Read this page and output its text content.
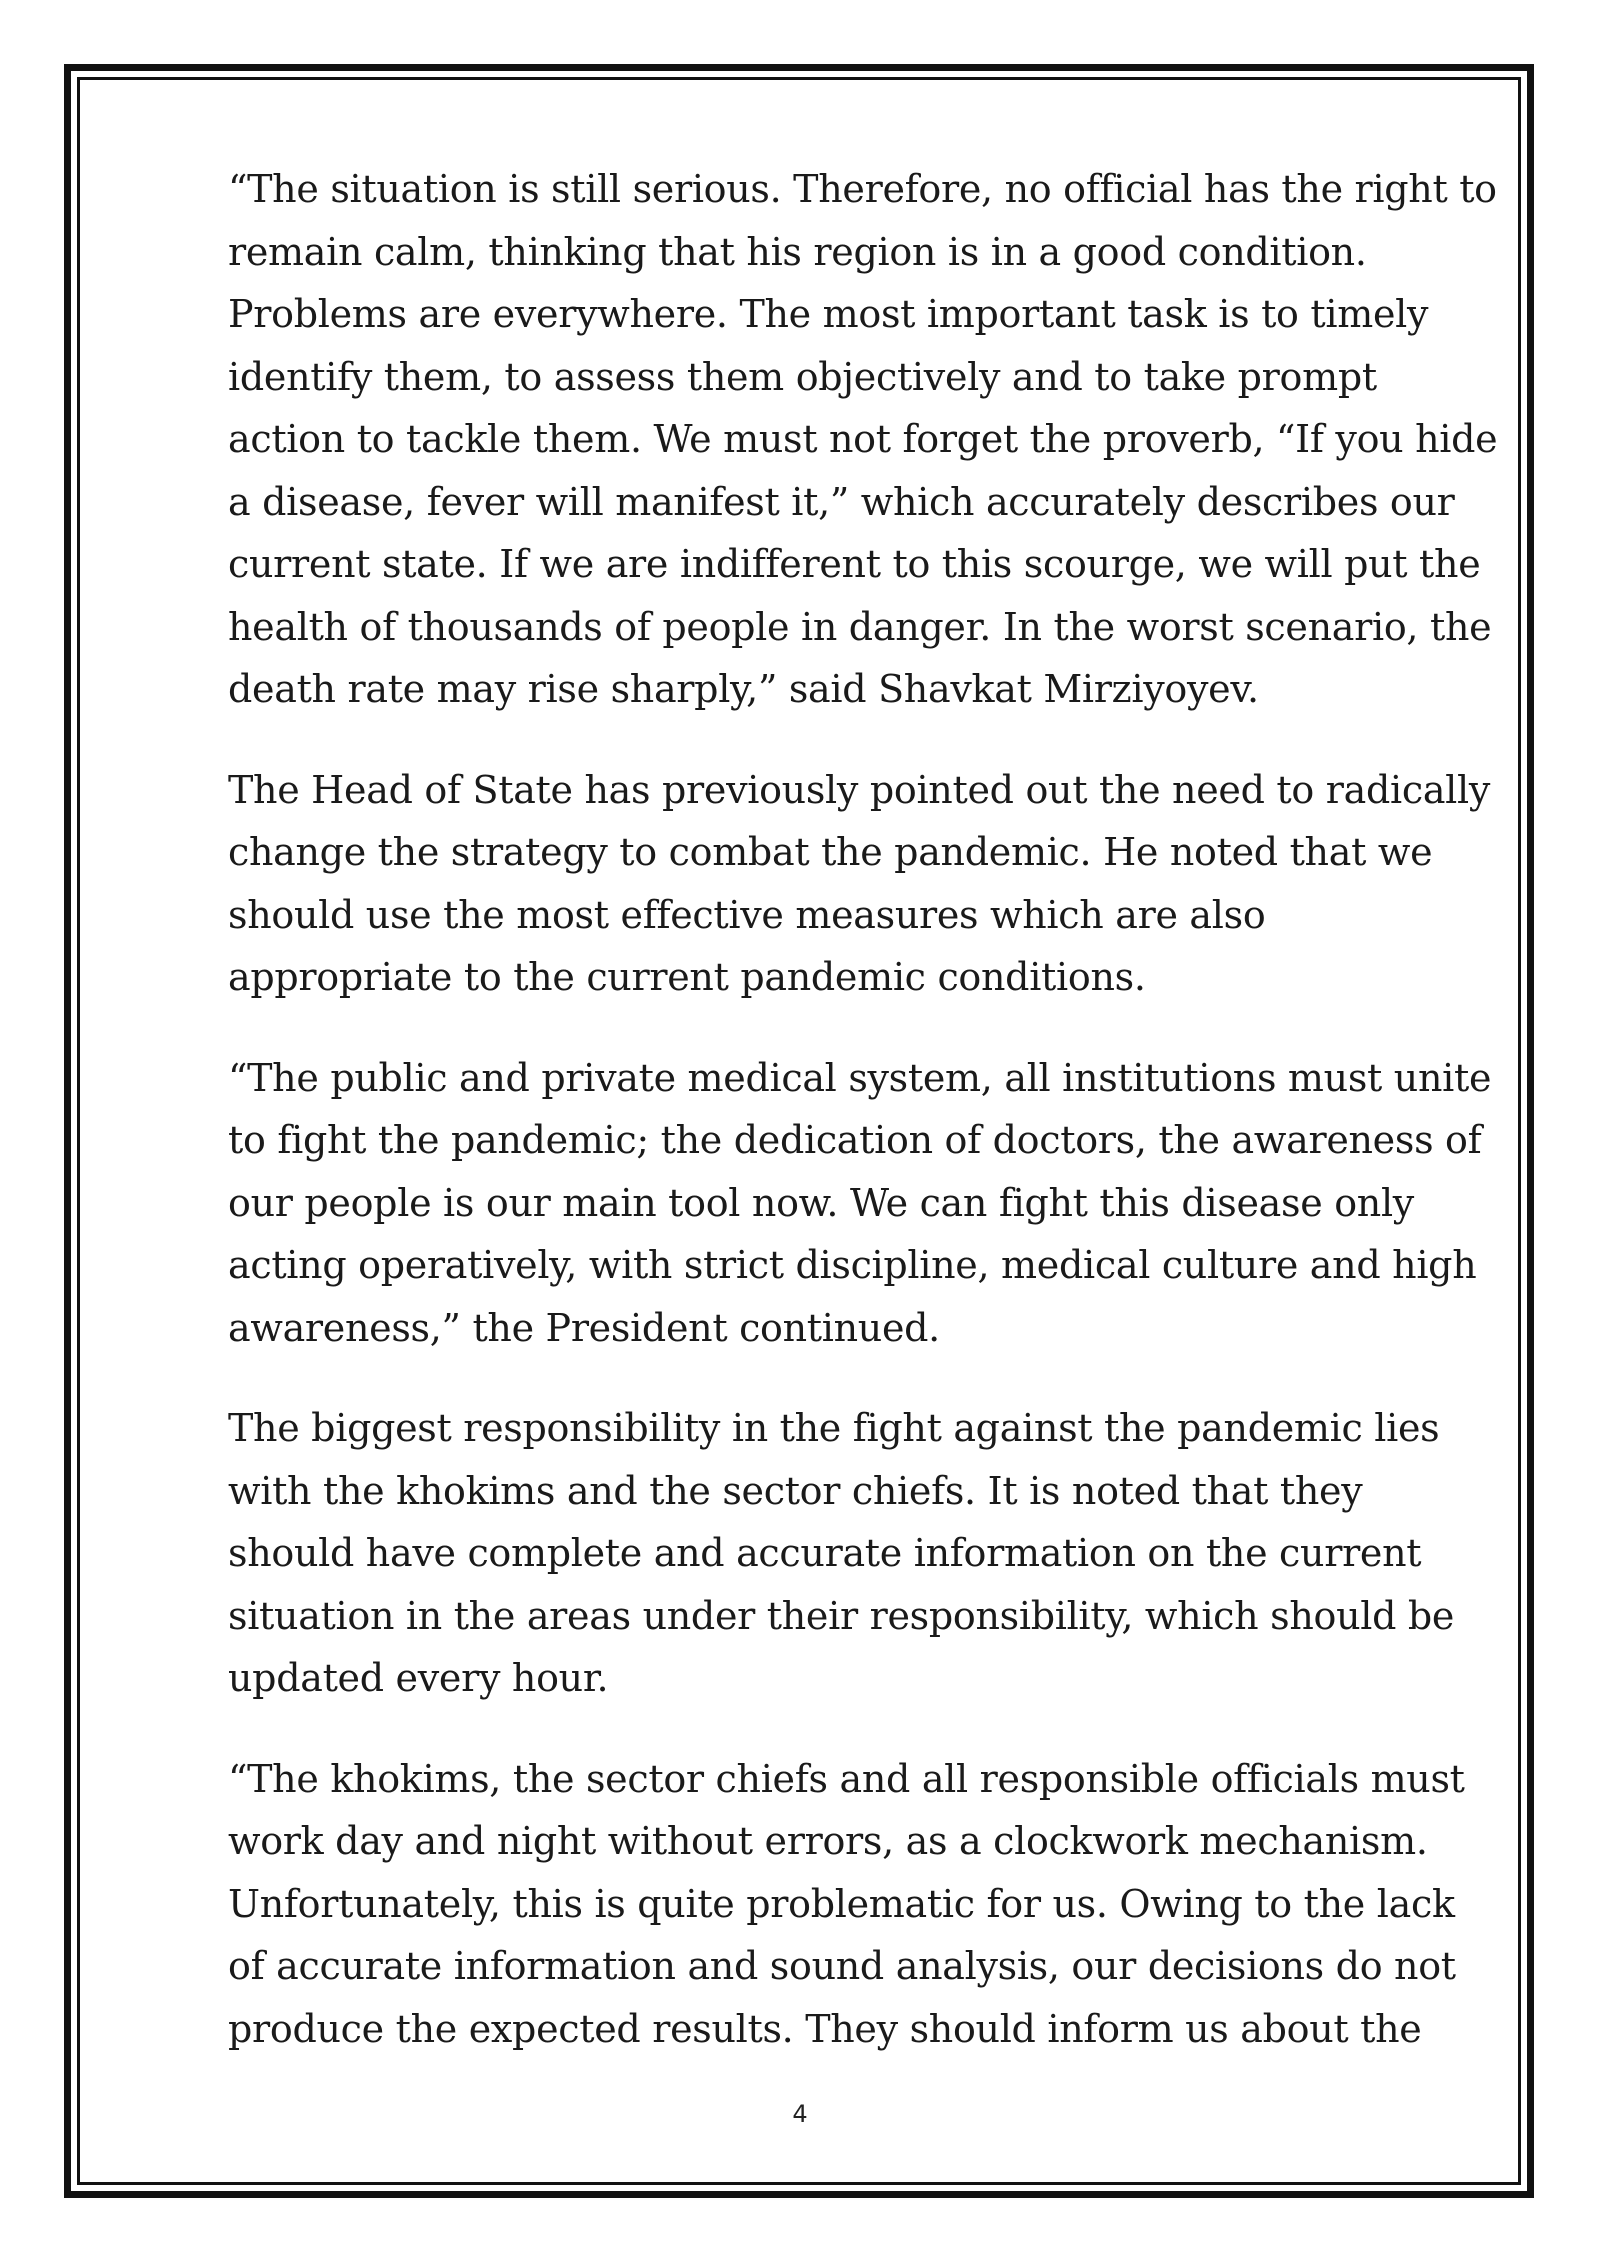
“The situation is still serious. Therefore, no official has the right to remain calm, thinking that his region is in a good condition. Problems are everywhere. The most important task is to timely identify them, to assess them objectively and to take prompt action to tackle them. We must not forget the proverb, “If you hide a disease, fever will manifest it,” which accurately describes our current state. If we are indifferent to this scourge, we will put the health of thousands of people in danger. In the worst scenario, the death rate may rise sharply,” said Shavkat Mirziyoyev.

The Head of State has previously pointed out the need to radically change the strategy to combat the pandemic. He noted that we should use the most effective measures which are also appropriate to the current pandemic conditions.

“The public and private medical system, all institutions must unite to fight the pandemic; the dedication of doctors, the awareness of our people is our main tool now. We can fight this disease only acting operatively, with strict discipline, medical culture and high awareness,” the President continued.

The biggest responsibility in the fight against the pandemic lies with the khokims and the sector chiefs. It is noted that they should have complete and accurate information on the current situation in the areas under their responsibility, which should be updated every hour.

“The khokims, the sector chiefs and all responsible officials must work day and night without errors, as a clockwork mechanism. Unfortunately, this is quite problematic for us. Owing to the lack of accurate information and sound analysis, our decisions do not produce the expected results. They should inform us about the

4
